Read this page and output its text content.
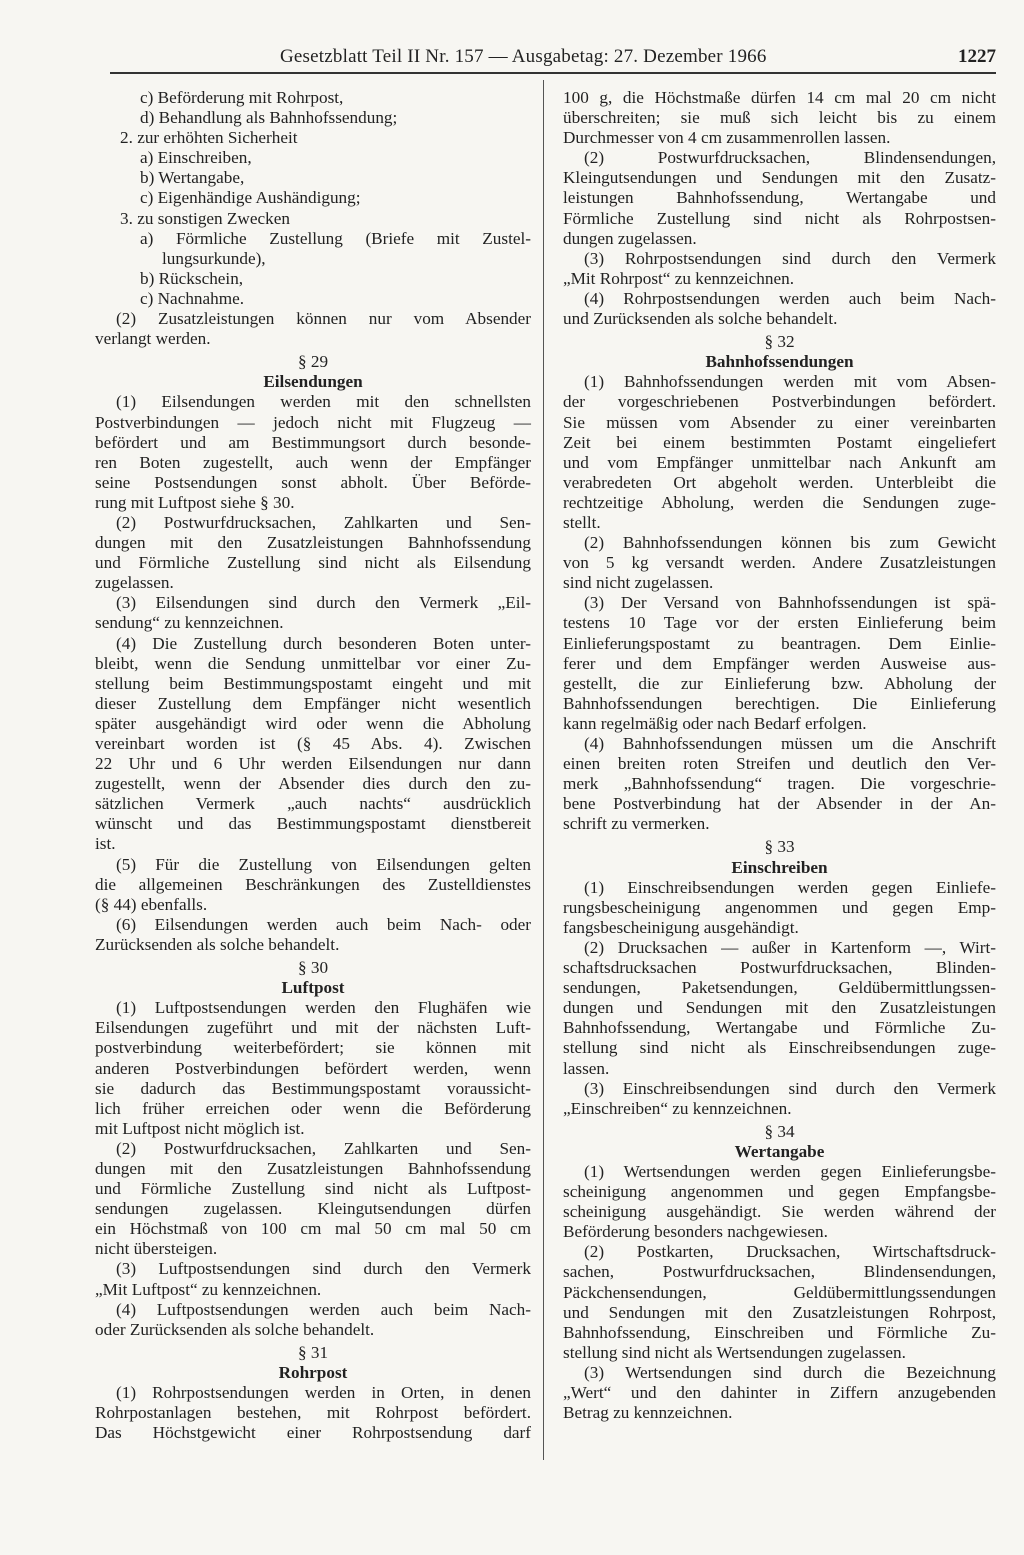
Gesetzblatt Teil II Nr. 157 — Ausgabetag: 27. Dezember 1966	1227
c) Beförderung mit Rohrpost,
d) Behandlung als Bahnhofssendung;
2. zur erhöhten Sicherheit
a) Einschreiben,
b) Wertangabe,
c) Eigenhändige Aushändigung;
3. zu sonstigen Zwecken
a) Förmliche Zustellung (Briefe mit Zustel-
lungsurkunde),
b) Rückschein,
c) Nachnahme.
(2) Zusatzleistungen können nur vom Absender
verlangt werden.
§ 29
Eilsendungen
(1) Eilsendungen werden mit den schnellsten
Postverbindungen — jedoch nicht mit Flugzeug —
befördert und am Bestimmungsort durch besonde-
ren Boten zugestellt, auch wenn der Empfänger
seine Postsendungen sonst abholt. Über Beförde-
rung mit Luftpost siehe § 30.
(2) Postwurfdrucksachen, Zahlkarten und Sen-
dungen mit den Zusatzleistungen Bahnhofssendung
und Förmliche Zustellung sind nicht als Eilsendung
zugelassen.
(3) Eilsendungen sind durch den Vermerk „Eil-
sendung“ zu kennzeichnen.
(4) Die Zustellung durch besonderen Boten unter-
bleibt, wenn die Sendung unmittelbar vor einer Zu-
stellung beim Bestimmungspostamt eingeht und mit
dieser Zustellung dem Empfänger nicht wesentlich
später ausgehändigt wird oder wenn die Abholung
vereinbart worden ist (§ 45 Abs. 4). Zwischen
22 Uhr und 6 Uhr werden Eilsendungen nur dann
zugestellt, wenn der Absender dies durch den zu-
sätzlichen Vermerk „auch nachts“ ausdrücklich
wünscht und das Bestimmungspostamt dienstbereit
ist.
(5) Für die Zustellung von Eilsendungen gelten
die allgemeinen Beschränkungen des Zustelldienstes
(§ 44) ebenfalls.
(6) Eilsendungen werden auch beim Nach- oder
Zurücksenden als solche behandelt.
§ 30
Luftpost
(1) Luftpostsendungen werden den Flughäfen wie
Eilsendungen zugeführt und mit der nächsten Luft-
postverbindung weiterbefördert; sie können mit
anderen Postverbindungen befördert werden, wenn
sie dadurch das Bestimmungspostamt voraussicht-
lich früher erreichen oder wenn die Beförderung
mit Luftpost nicht möglich ist.
(2) Postwurfdrucksachen, Zahlkarten und Sen-
dungen mit den Zusatzleistungen Bahnhofssendung
und Förmliche Zustellung sind nicht als Luftpost-
sendungen zugelassen. Kleingutsendungen dürfen
ein Höchstmaß von 100 cm mal 50 cm mal 50 cm
nicht übersteigen.
(3) Luftpostsendungen sind durch den Vermerk
„Mit Luftpost“ zu kennzeichnen.
(4) Luftpostsendungen werden auch beim Nach-
oder Zurücksenden als solche behandelt.
§ 31
Rohrpost
(1) Rohrpostsendungen werden in Orten, in denen
Rohrpostanlagen bestehen, mit Rohrpost befördert.
Das Höchstgewicht einer Rohrpostsendung darf
100 g, die Höchstmaße dürfen 14 cm mal 20 cm nicht
überschreiten; sie muß sich leicht bis zu einem
Durchmesser von 4 cm zusammenrollen lassen.
(2) Postwurfdrucksachen, Blindensendungen,
Kleingutsendungen und Sendungen mit den Zusatz-
leistungen Bahnhofssendung, Wertangabe und
Förmliche Zustellung sind nicht als Rohrpostsen-
dungen zugelassen.
(3) Rohrpostsendungen sind durch den Vermerk
„Mit Rohrpost“ zu kennzeichnen.
(4) Rohrpostsendungen werden auch beim Nach-
und Zurücksenden als solche behandelt.
§ 32
Bahnhofssendungen
(1) Bahnhofssendungen werden mit vom Absen-
der vorgeschriebenen Postverbindungen befördert.
Sie müssen vom Absender zu einer vereinbarten
Zeit bei einem bestimmten Postamt eingeliefert
und vom Empfänger unmittelbar nach Ankunft am
verabredeten Ort abgeholt werden. Unterbleibt die
rechtzeitige Abholung, werden die Sendungen zuge-
stellt.
(2) Bahnhofssendungen können bis zum Gewicht
von 5 kg versandt werden. Andere Zusatzleistungen
sind nicht zugelassen.
(3) Der Versand von Bahnhofssendungen ist spä-
testens 10 Tage vor der ersten Einlieferung beim
Einlieferungspostamt zu beantragen. Dem Einlie-
ferer und dem Empfänger werden Ausweise aus-
gestellt, die zur Einlieferung bzw. Abholung der
Bahnhofssendungen berechtigen. Die Einlieferung
kann regelmäßig oder nach Bedarf erfolgen.
(4) Bahnhofssendungen müssen um die Anschrift
einen breiten roten Streifen und deutlich den Ver-
merk „Bahnhofssendung“ tragen. Die vorgeschrie-
bene Postverbindung hat der Absender in der An-
schrift zu vermerken.
§ 33
Einschreiben
(1) Einschreibsendungen werden gegen Einliefe-
rungsbescheinigung angenommen und gegen Emp-
fangsbescheinigung ausgehändigt.
(2) Drucksachen — außer in Kartenform —, Wirt-
schaftsdrucksachen Postwurfdrucksachen, Blinden-
sendungen, Paketsendungen, Geldübermittlungssen-
dungen und Sendungen mit den Zusatzleistungen
Bahnhofssendung, Wertangabe und Förmliche Zu-
stellung sind nicht als Einschreibsendungen zuge-
lassen.
(3) Einschreibsendungen sind durch den Vermerk
„Einschreiben“ zu kennzeichnen.
§ 34
Wertangabe
(1) Wertsendungen werden gegen Einlieferungsbe-
scheinigung angenommen und gegen Empfangsbe-
scheinigung ausgehändigt. Sie werden während der
Beförderung besonders nachgewiesen.
(2) Postkarten, Drucksachen, Wirtschaftsdruck-
sachen, Postwurfdrucksachen, Blindensendungen,
Päckchensendungen, Geldübermittlungssendungen
und Sendungen mit den Zusatzleistungen Rohrpost,
Bahnhofssendung, Einschreiben und Förmliche Zu-
stellung sind nicht als Wertsendungen zugelassen.
(3) Wertsendungen sind durch die Bezeichnung
„Wert“ und den dahinter in Ziffern anzugebenden
Betrag zu kennzeichnen.
